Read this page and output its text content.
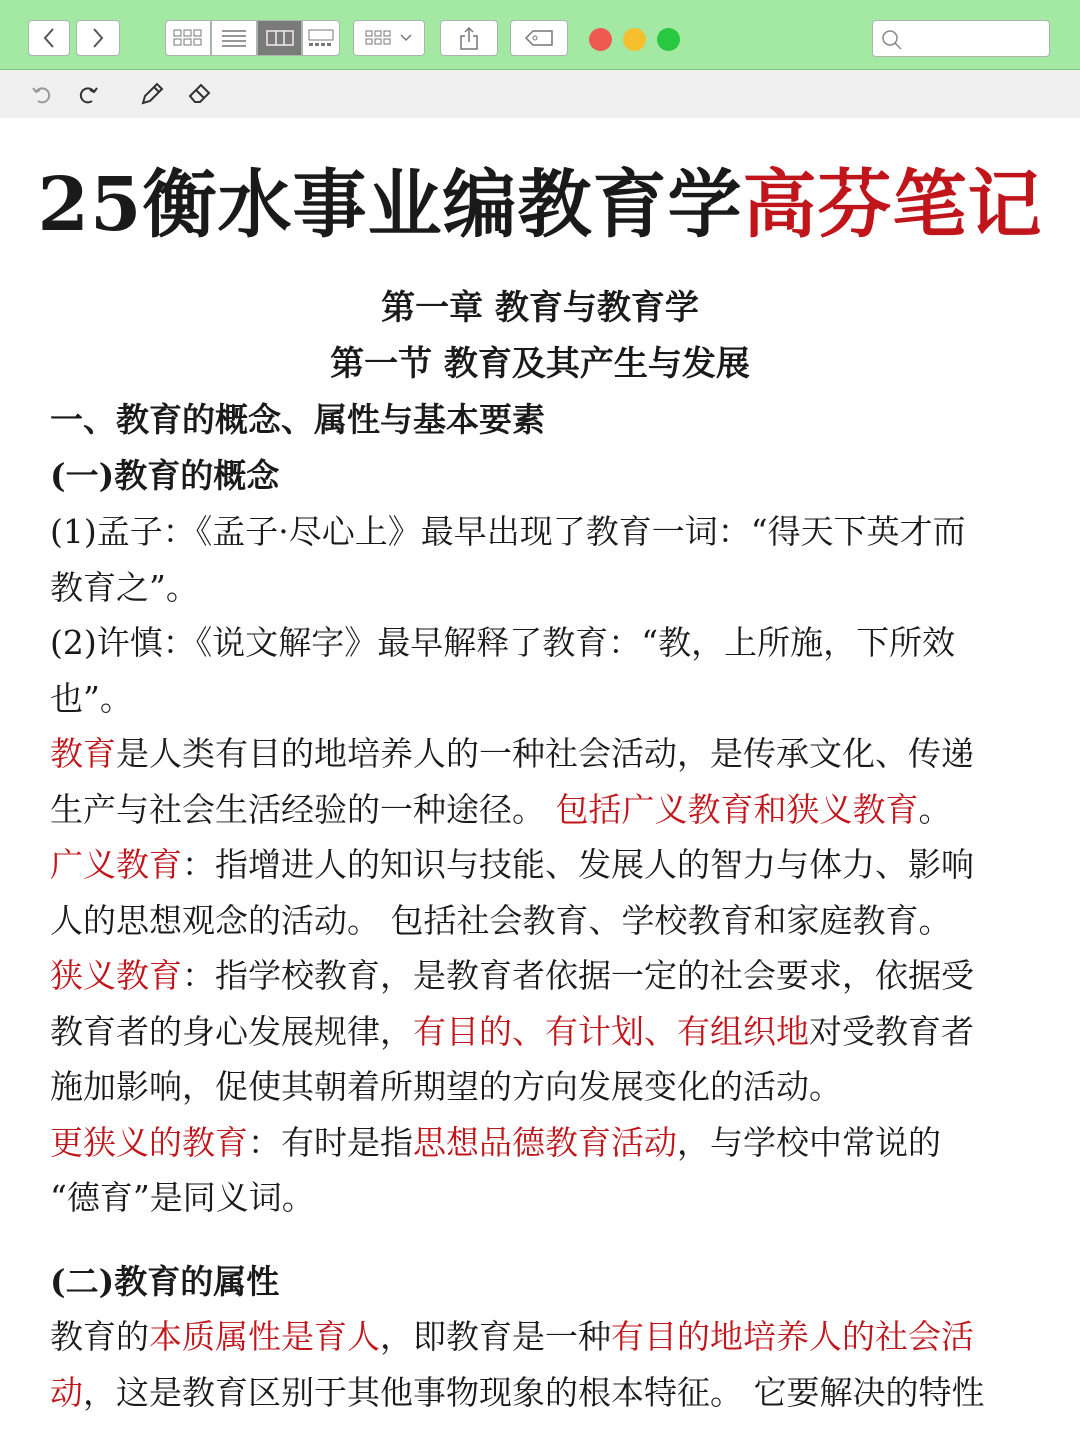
25衡水事业编教育学高芬笔记
第一章 教育与教育学
第一节 教育及其产生与发展
一、教育的概念、属性与基本要素
(一)教育的概念
(1)孟子：《孟子·尽心上》最早出现了教育一词：“得天下英才而
教育之”。
(2)许慎：《说文解字》最早解释了教育：“教，上所施，下所效
也”。
教育是人类有目的地培养人的一种社会活动，是传承文化、传递
生产与社会生活经验的一种途径。 包括广义教育和狭义教育。
广义教育：指增进人的知识与技能、发展人的智力与体力、影响
人的思想观念的活动。 包括社会教育、学校教育和家庭教育。
狭义教育：指学校教育，是教育者依据一定的社会要求，依据受
教育者的身心发展规律，有目的、有计划、有组织地对受教育者
施加影响，促使其朝着所期望的方向发展变化的活动。
更狭义的教育：有时是指思想品德教育活动，与学校中常说的
“德育”是同义词。
(二)教育的属性
教育的本质属性是育人，即教育是一种有目的地培养人的社会活
动，这是教育区别于其他事物现象的根本特征。 它要解决的特性
